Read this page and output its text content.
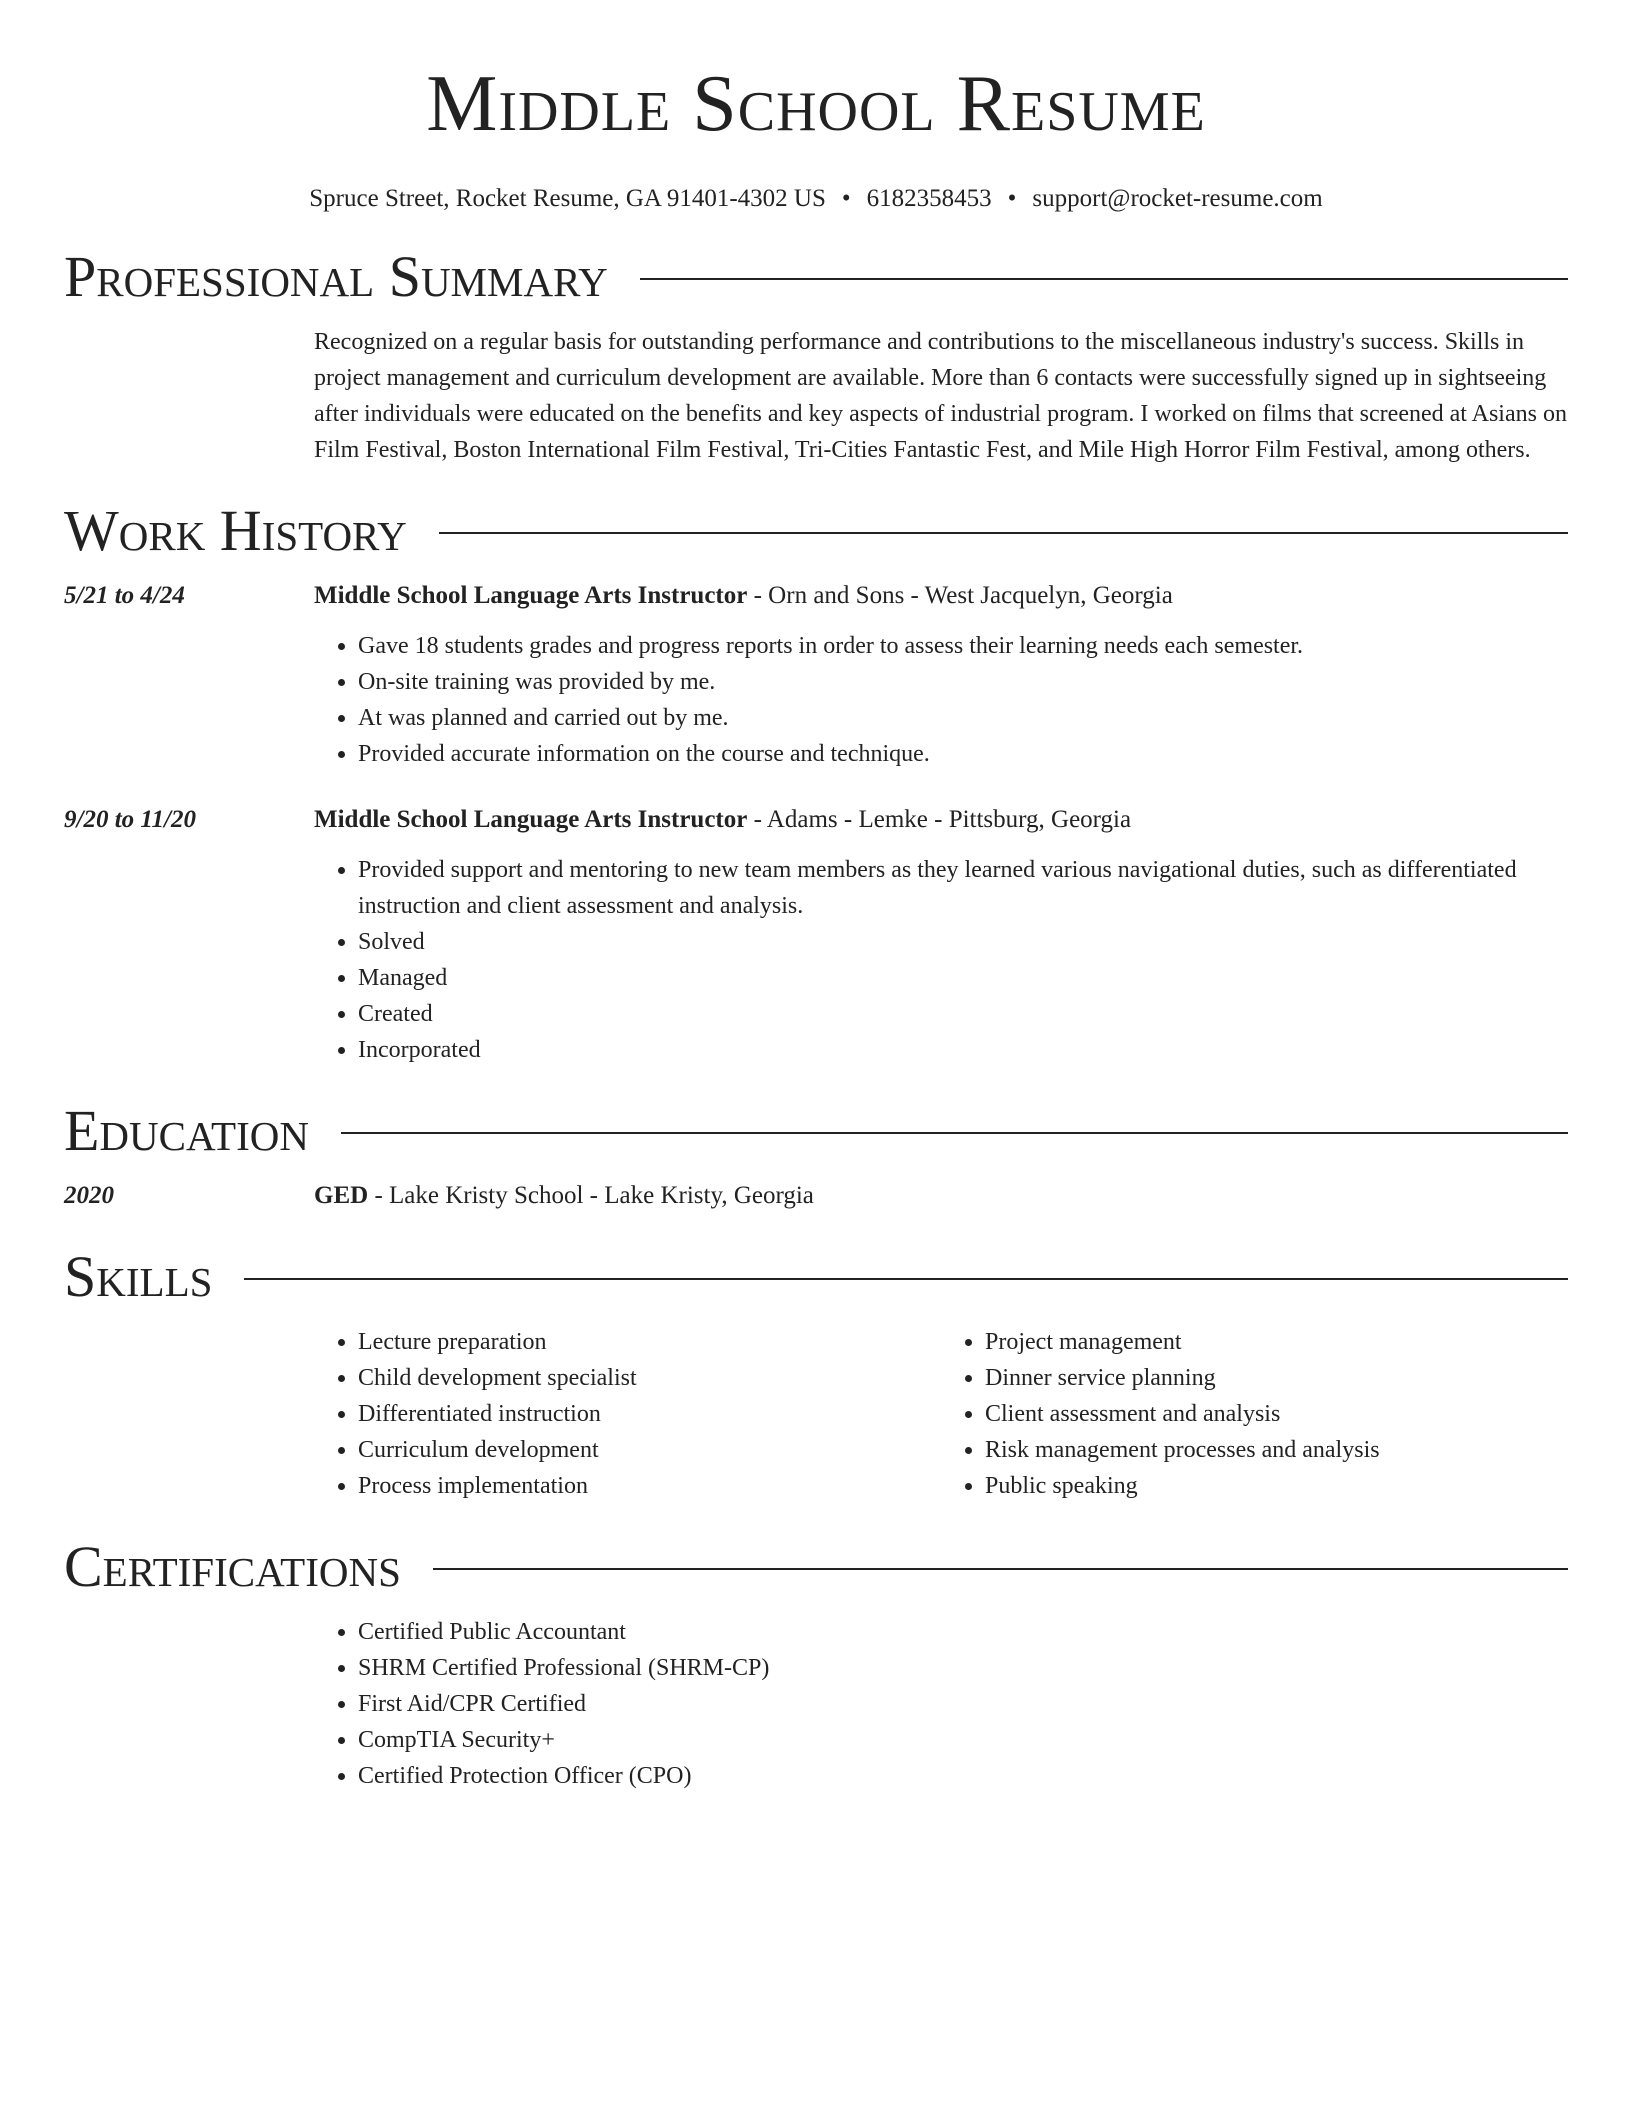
Middle School Resume
Spruce Street, Rocket Resume, GA 91401-4302 US • 6182358453 • support@rocket-resume.com
Professional Summary
Recognized on a regular basis for outstanding performance and contributions to the miscellaneous industry's success. Skills in project management and curriculum development are available. More than 6 contacts were successfully signed up in sightseeing after individuals were educated on the benefits and key aspects of industrial program. I worked on films that screened at Asians on Film Festival, Boston International Film Festival, Tri-Cities Fantastic Fest, and Mile High Horror Film Festival, among others.
Work History
5/21 to 4/24	Middle School Language Arts Instructor - Orn and Sons - West Jacquelyn, Georgia
• Gave 18 students grades and progress reports in order to assess their learning needs each semester.
• On-site training was provided by me.
• At was planned and carried out by me.
• Provided accurate information on the course and technique.
9/20 to 11/20	Middle School Language Arts Instructor - Adams - Lemke - Pittsburg, Georgia
• Provided support and mentoring to new team members as they learned various navigational duties, such as differentiated instruction and client assessment and analysis.
• Solved
• Managed
• Created
• Incorporated
Education
2020	GED - Lake Kristy School - Lake Kristy, Georgia
Skills
• Lecture preparation
• Child development specialist
• Differentiated instruction
• Curriculum development
• Process implementation
• Project management
• Dinner service planning
• Client assessment and analysis
• Risk management processes and analysis
• Public speaking
Certifications
• Certified Public Accountant
• SHRM Certified Professional (SHRM-CP)
• First Aid/CPR Certified
• CompTIA Security+
• Certified Protection Officer (CPO)
